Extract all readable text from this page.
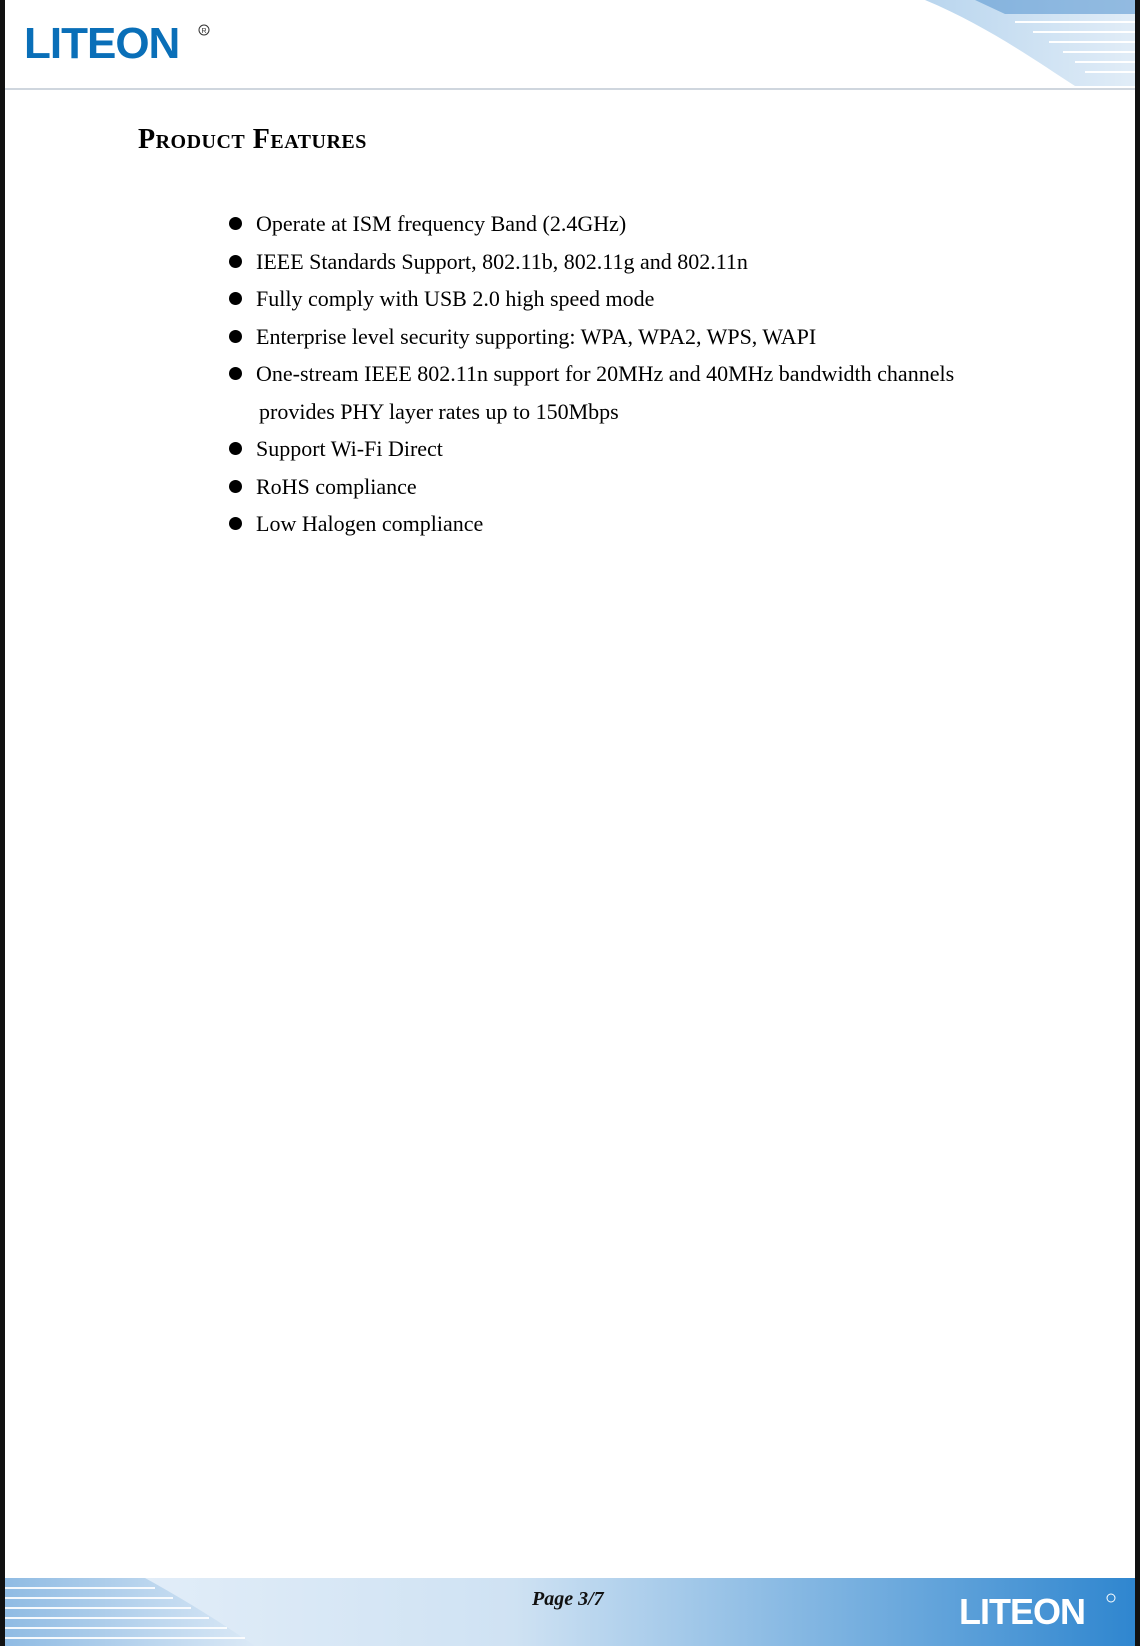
LITEON	R
Product Features
Operate at ISM frequency Band (2.4GHz)
IEEE Standards Support, 802.11b, 802.11g and 802.11n
Fully comply with USB 2.0 high speed mode
Enterprise level security supporting: WPA, WPA2, WPS, WAPI
One-stream IEEE 802.11n support for 20MHz and 40MHz bandwidth channels
provides PHY layer rates up to 150Mbps
Support Wi-Fi Direct
RoHS compliance
Low Halogen compliance
Page 3/7	LITEON
